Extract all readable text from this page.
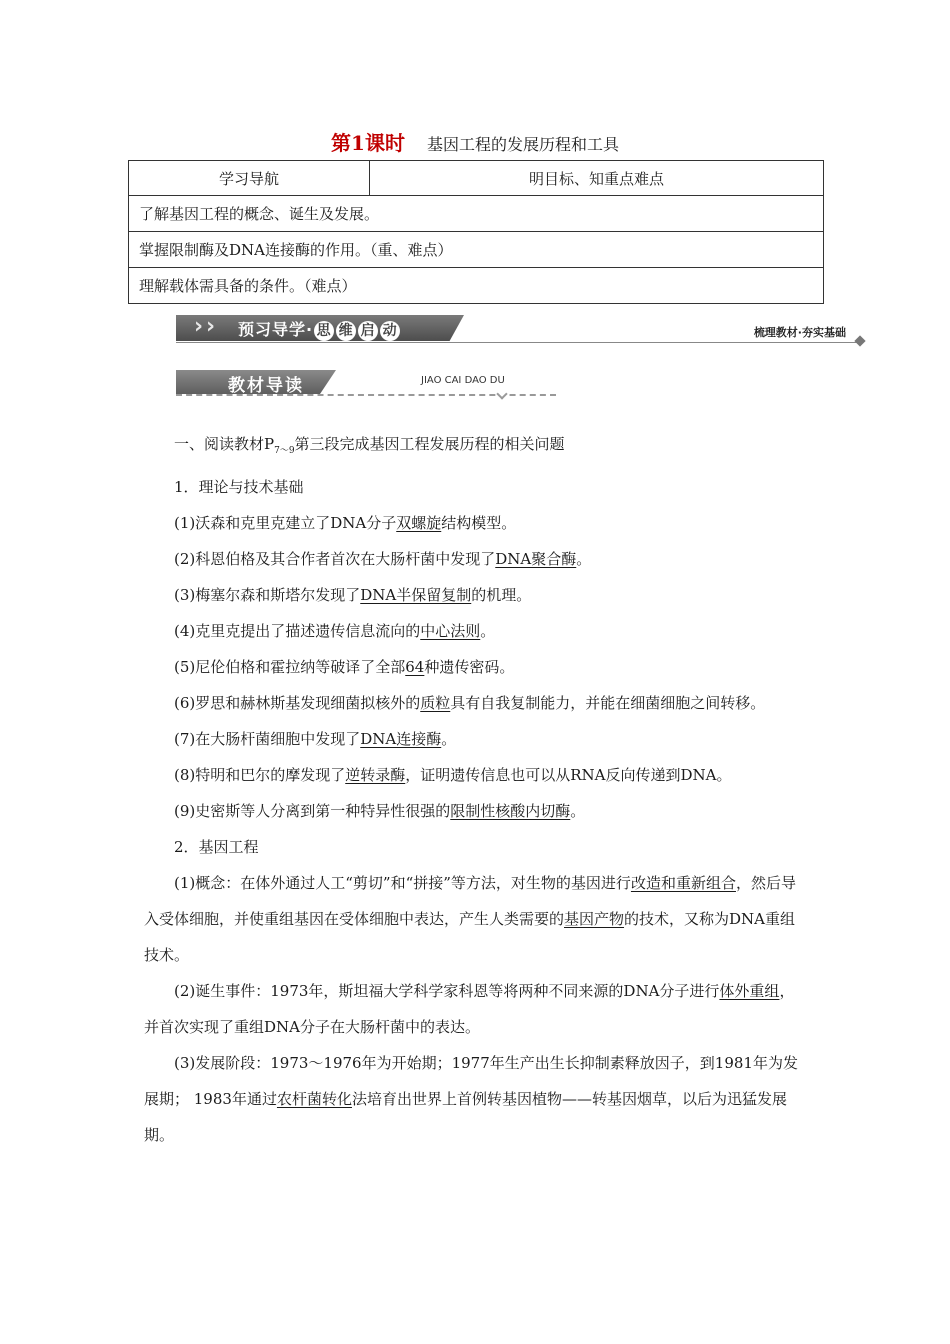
第1课时 基因工程的发展历程和工具
学习导航	明目标、知重点难点
了解基因工程的概念、诞生及发展。
掌握限制酶及DNA连接酶的作用。（重、难点）
理解载体需具备的条件。（难点）
› › 预习导学· 思 维 启 动	梳理教材·夯实基础
教材导读	JIAO CAI DAO DU

一、阅读教材$P_{7\sim 9}$第三段完成基因工程发展历程的相关问题

1．理论与技术基础

(1)沃森和克里克建立了DNA分子双螺旋结构模型。

(2)科恩伯格及其合作者首次在大肠杆菌中发现了DNA聚合酶。

(3)梅塞尔森和斯塔尔发现了DNA半保留复制的机理。

(4)克里克提出了描述遗传信息流向的中心法则。

(5)尼伦伯格和霍拉纳等破译了全部64种遗传密码。

(6)罗思和赫林斯基发现细菌拟核外的质粒具有自我复制能力，并能在细菌细胞之间转移。

(7)在大肠杆菌细胞中发现了DNA连接酶。

(8)特明和巴尔的摩发现了逆转录酶，证明遗传信息也可以从RNA反向传递到DNA。

(9)史密斯等人分离到第一种特异性很强的限制性核酸内切酶。

2．基因工程

(1)概念：在体外通过人工“剪切”和“拼接”等方法，对生物的基因进行改造和重新组合，然后导入受体细胞，并使重组基因在受体细胞中表达，产生人类需要的基因产物的技术，又称为DNA重组技术。

(2)诞生事件：1973年，斯坦福大学科学家科恩等将两种不同来源的DNA分子进行体外重组，并首次实现了重组DNA分子在大肠杆菌中的表达。

(3)发展阶段：1973～1976年为开始期；1977年生产出生长抑制素释放因子，到1981年为发展期； 1983年通过农杆菌转化法培育出世界上首例转基因植物——转基因烟草，以后为迅猛发展期。
